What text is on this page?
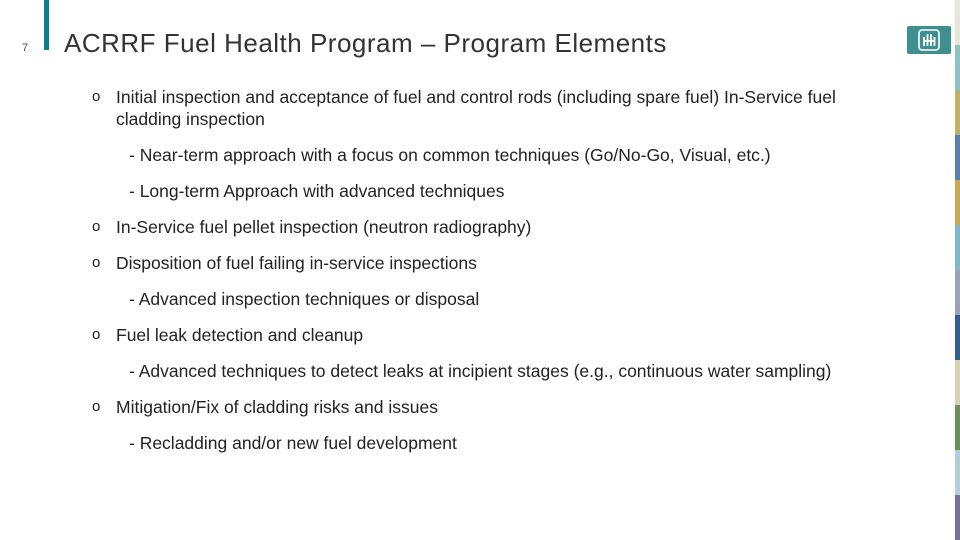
7 ACRRF Fuel Health Program – Program Elements
o Initial inspection and acceptance of fuel and control rods (including spare fuel) In-Service fuel cladding inspection
- Near-term approach with a focus on common techniques (Go/No-Go, Visual, etc.)
- Long-term Approach with advanced techniques
o In-Service fuel pellet inspection (neutron radiography)
o Disposition of fuel failing in-service inspections
- Advanced inspection techniques or disposal
o Fuel leak detection and cleanup
- Advanced techniques to detect leaks at incipient stages (e.g., continuous water sampling)
o Mitigation/Fix of cladding risks and issues
- Recladding and/or new fuel development
